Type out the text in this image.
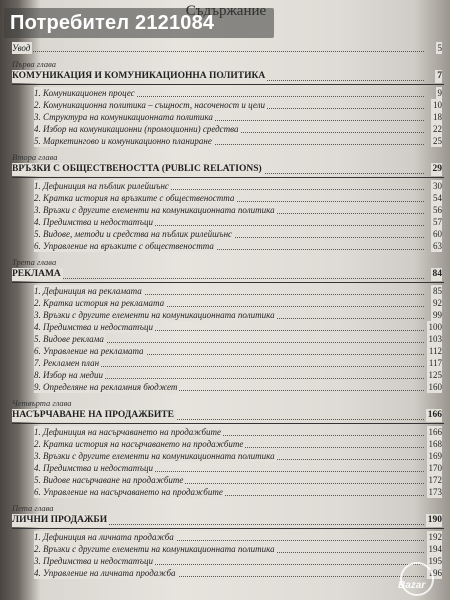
Увод	5
Първа глава
КОМУНИКАЦИЯ И КОМУНИКАЦИОННА ПОЛИТИКА	7
1. Комуникационен процес	9
2. Комуникационна политика – същност, насоченост и цели	10
3. Структура на комуникационната политика	18
4. Избор на комуникационни (промоционни) средства	22
5. Маркетингово и комуникационно планиране	25
Втора глава
ВРЪЗКИ С ОБЩЕСТВЕНОСТТА (PUBLIC RELATIONS)	29
1. Дефиниция на пъблик рилейшънс	30
2. Кратка история на връзките с обществеността	54
3. Връзки с другите елементи на комуникационната политика	56
4. Предимства и недостатъци	57
5. Видове, методи и средства на пъблик рилейшънс	60
6. Управление на връзките с обществеността	63
Трета глава
РЕКЛАМА	84
1. Дефиниция на рекламата	85
2. Кратка история на рекламата	92
3. Връзки с другите елементи на комуникационната политика	99
4. Предимства и недостатъци	100
5. Видове реклама	103
6. Управление на рекламата	112
7. Рекламен план	117
8. Избор на медии	125
9. Определяне на рекламния бюджет	160
Четвърта глава
НАСЪРЧАВАНЕ НА ПРОДАЖБИТЕ	166
1. Дефиниция на насърчаването на продажбите	166
2. Кратка история на насърчаването на продажбите	168
3. Връзки с другите елементи на комуникационната политика	169
4. Предимства и недостатъци	170
5. Видове насърчаване на продажбите	172
6. Управление на насърчаването на продажбите	173
Пета глава
ЛИЧНИ ПРОДАЖБИ	190
1. Дефиниция на личната продажба	192
2. Връзки с другите елементи на комуникационната политика	194
3. Предимства и недостатъци	195
4. Управление на личната продажба	196
Потребител 2121084
Bazar
